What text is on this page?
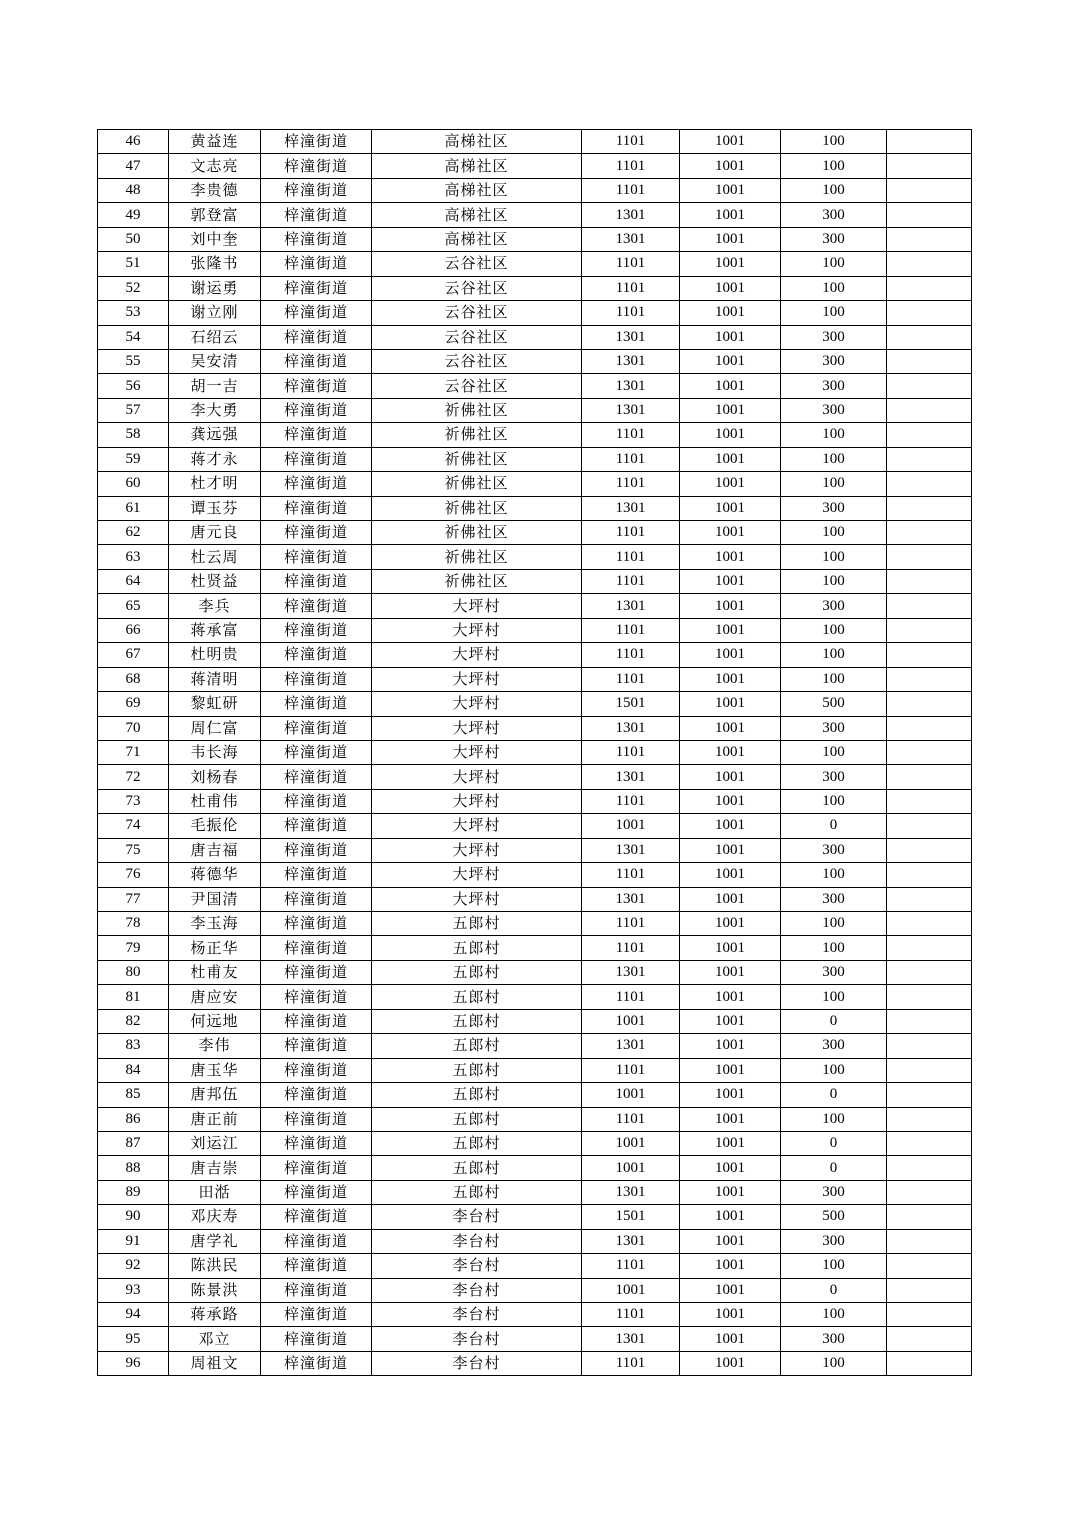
46	黄益连	梓潼街道	高梯社区	1101	1001	100	
47	文志亮	梓潼街道	高梯社区	1101	1001	100	
48	李贵德	梓潼街道	高梯社区	1101	1001	100	
49	郭登富	梓潼街道	高梯社区	1301	1001	300	
50	刘中奎	梓潼街道	高梯社区	1301	1001	300	
51	张隆书	梓潼街道	云谷社区	1101	1001	100	
52	谢运勇	梓潼街道	云谷社区	1101	1001	100	
53	谢立刚	梓潼街道	云谷社区	1101	1001	100	
54	石绍云	梓潼街道	云谷社区	1301	1001	300	
55	吴安清	梓潼街道	云谷社区	1301	1001	300	
56	胡一吉	梓潼街道	云谷社区	1301	1001	300	
57	李大勇	梓潼街道	祈佛社区	1301	1001	300	
58	龚远强	梓潼街道	祈佛社区	1101	1001	100	
59	蒋才永	梓潼街道	祈佛社区	1101	1001	100	
60	杜才明	梓潼街道	祈佛社区	1101	1001	100	
61	谭玉芬	梓潼街道	祈佛社区	1301	1001	300	
62	唐元良	梓潼街道	祈佛社区	1101	1001	100	
63	杜云周	梓潼街道	祈佛社区	1101	1001	100	
64	杜贤益	梓潼街道	祈佛社区	1101	1001	100	
65	李兵	梓潼街道	大坪村	1301	1001	300	
66	蒋承富	梓潼街道	大坪村	1101	1001	100	
67	杜明贵	梓潼街道	大坪村	1101	1001	100	
68	蒋清明	梓潼街道	大坪村	1101	1001	100	
69	黎虹研	梓潼街道	大坪村	1501	1001	500	
70	周仁富	梓潼街道	大坪村	1301	1001	300	
71	韦长海	梓潼街道	大坪村	1101	1001	100	
72	刘杨春	梓潼街道	大坪村	1301	1001	300	
73	杜甫伟	梓潼街道	大坪村	1101	1001	100	
74	毛振伦	梓潼街道	大坪村	1001	1001	0	
75	唐吉福	梓潼街道	大坪村	1301	1001	300	
76	蒋德华	梓潼街道	大坪村	1101	1001	100	
77	尹国清	梓潼街道	大坪村	1301	1001	300	
78	李玉海	梓潼街道	五郎村	1101	1001	100	
79	杨正华	梓潼街道	五郎村	1101	1001	100	
80	杜甫友	梓潼街道	五郎村	1301	1001	300	
81	唐应安	梓潼街道	五郎村	1101	1001	100	
82	何远地	梓潼街道	五郎村	1001	1001	0	
83	李伟	梓潼街道	五郎村	1301	1001	300	
84	唐玉华	梓潼街道	五郎村	1101	1001	100	
85	唐邦伍	梓潼街道	五郎村	1001	1001	0	
86	唐正前	梓潼街道	五郎村	1101	1001	100	
87	刘运江	梓潼街道	五郎村	1001	1001	0	
88	唐吉崇	梓潼街道	五郎村	1001	1001	0	
89	田湉	梓潼街道	五郎村	1301	1001	300	
90	邓庆寿	梓潼街道	李台村	1501	1001	500	
91	唐学礼	梓潼街道	李台村	1301	1001	300	
92	陈洪民	梓潼街道	李台村	1101	1001	100	
93	陈景洪	梓潼街道	李台村	1001	1001	0	
94	蒋承路	梓潼街道	李台村	1101	1001	100	
95	邓立	梓潼街道	李台村	1301	1001	300	
96	周祖文	梓潼街道	李台村	1101	1001	100	
